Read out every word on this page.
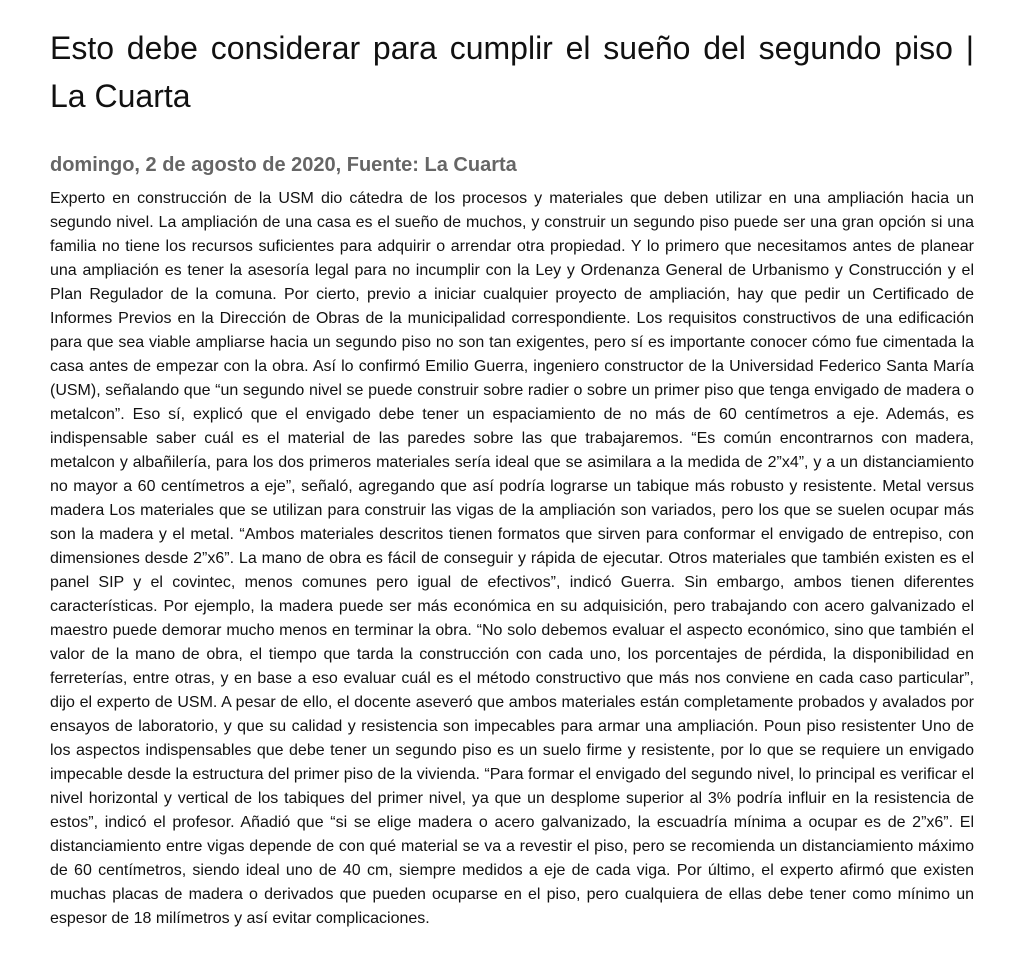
Esto debe considerar para cumplir el sueño del segundo piso | La Cuarta

domingo, 2 de agosto de 2020, Fuente: La Cuarta

Experto en construcción de la USM dio cátedra de los procesos y materiales que deben utilizar en una ampliación hacia un segundo nivel. La ampliación de una casa es el sueño de muchos, y construir un segundo piso puede ser una gran opción si una familia no tiene los recursos suficientes para adquirir o arrendar otra propiedad. Y lo primero que necesitamos antes de planear una ampliación es tener la asesoría legal para no incumplir con la Ley y Ordenanza General de Urbanismo y Construcción y el Plan Regulador de la comuna. Por cierto, previo a iniciar cualquier proyecto de ampliación, hay que pedir un Certificado de Informes Previos en la Dirección de Obras de la municipalidad correspondiente. Los requisitos constructivos de una edificación para que sea viable ampliarse hacia un segundo piso no son tan exigentes, pero sí es importante conocer cómo fue cimentada la casa antes de empezar con la obra. Así lo confirmó Emilio Guerra, ingeniero constructor de la Universidad Federico Santa María (USM), señalando que “un segundo nivel se puede construir sobre radier o sobre un primer piso que tenga envigado de madera o metalcon”. Eso sí, explicó que el envigado debe tener un espaciamiento de no más de 60 centímetros a eje. Además, es indispensable saber cuál es el material de las paredes sobre las que trabajaremos. “Es común encontrarnos con madera, metalcon y albañilería, para los dos primeros materiales sería ideal que se asimilara a la medida de 2”x4”, y a un distanciamiento no mayor a 60 centímetros a eje”, señaló, agregando que así podría lograrse un tabique más robusto y resistente. Metal versus madera Los materiales que se utilizan para construir las vigas de la ampliación son variados, pero los que se suelen ocupar más son la madera y el metal. “Ambos materiales descritos tienen formatos que sirven para conformar el envigado de entrepiso, con dimensiones desde 2”x6”. La mano de obra es fácil de conseguir y rápida de ejecutar. Otros materiales que también existen es el panel SIP y el covintec, menos comunes pero igual de efectivos”, indicó Guerra. Sin embargo, ambos tienen diferentes características. Por ejemplo, la madera puede ser más económica en su adquisición, pero trabajando con acero galvanizado el maestro puede demorar mucho menos en terminar la obra. “No solo debemos evaluar el aspecto económico, sino que también el valor de la mano de obra, el tiempo que tarda la construcción con cada uno, los porcentajes de pérdida, la disponibilidad en ferreterías, entre otras, y en base a eso evaluar cuál es el método constructivo que más nos conviene en cada caso particular”, dijo el experto de USM. A pesar de ello, el docente aseveró que ambos materiales están completamente probados y avalados por ensayos de laboratorio, y que su calidad y resistencia son impecables para armar una ampliación. Poun piso resistenter Uno de los aspectos indispensables que debe tener un segundo piso es un suelo firme y resistente, por lo que se requiere un envigado impecable desde la estructura del primer piso de la vivienda. “Para formar el envigado del segundo nivel, lo principal es verificar el nivel horizontal y vertical de los tabiques del primer nivel, ya que un desplome superior al 3% podría influir en la resistencia de estos”, indicó el profesor. Añadió que “si se elige madera o acero galvanizado, la escuadría mínima a ocupar es de 2”x6”. El distanciamiento entre vigas depende de con qué material se va a revestir el piso, pero se recomienda un distanciamiento máximo de 60 centímetros, siendo ideal uno de 40 cm, siempre medidos a eje de cada viga. Por último, el experto afirmó que existen muchas placas de madera o derivados que pueden ocuparse en el piso, pero cualquiera de ellas debe tener como mínimo un espesor de 18 milímetros y así evitar complicaciones.
